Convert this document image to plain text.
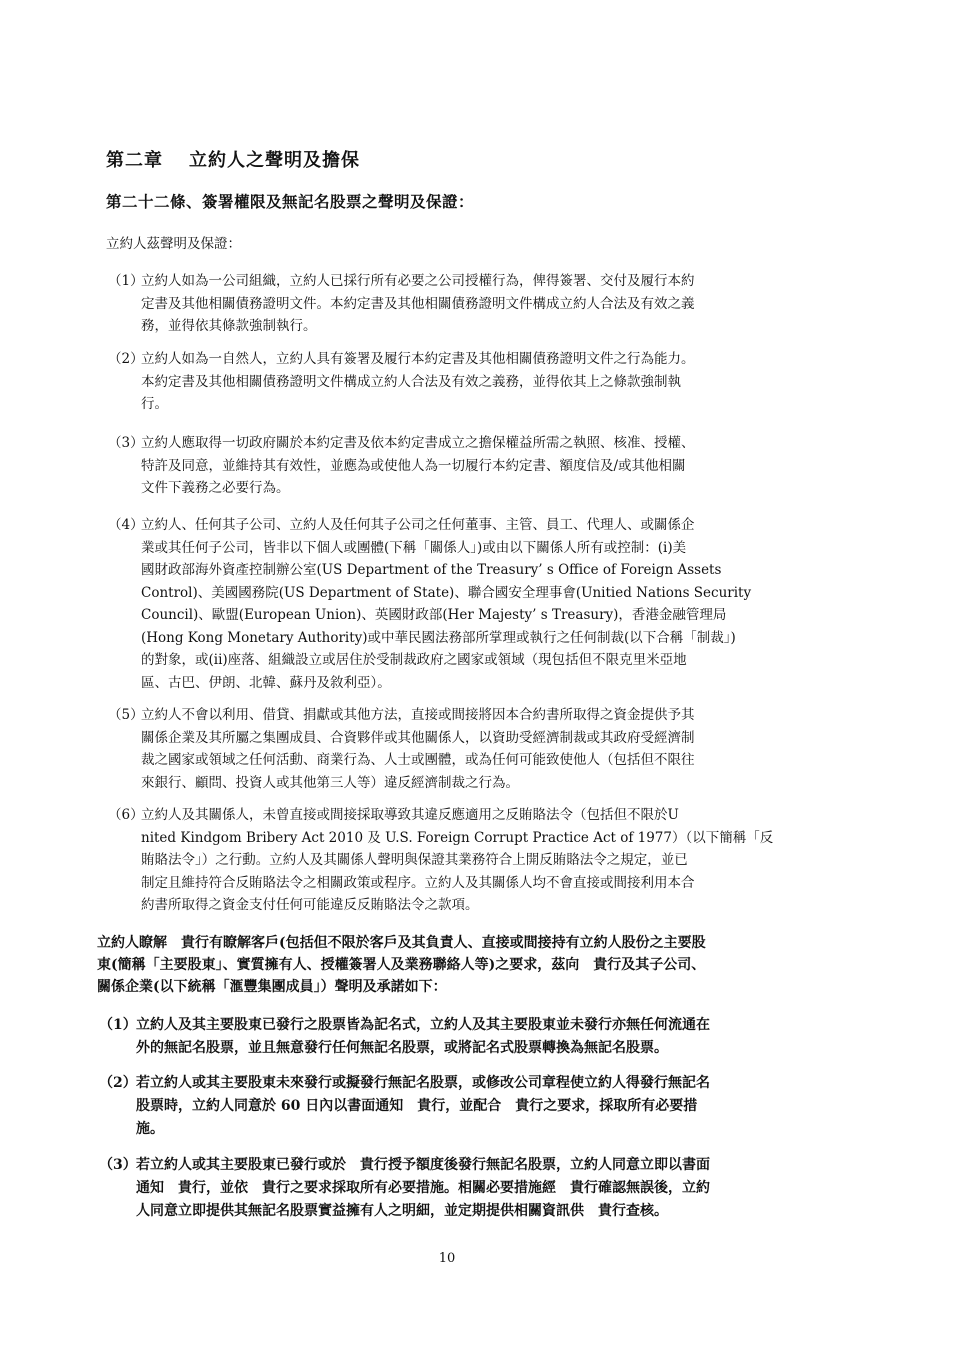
第二章 立約人之聲明及擔保
第二十二條、簽署權限及無記名股票之聲明及保證：
立約人茲聲明及保證：
（1）
立約人如為一公司組織，立約人已採行所有必要之公司授權行為，俾得簽署、交付及履行本約
定書及其他相關債務證明文件。本約定書及其他相關債務證明文件構成立約人合法及有效之義
務，並得依其條款強制執行。
（2）
立約人如為一自然人，立約人具有簽署及履行本約定書及其他相關債務證明文件之行為能力。
本約定書及其他相關債務證明文件構成立約人合法及有效之義務，並得依其上之條款強制執
行。
（3）
立約人應取得一切政府關於本約定書及依本約定書成立之擔保權益所需之執照、核准、授權、
特許及同意，並維持其有效性，並應為或使他人為一切履行本約定書、額度信及/或其他相關
文件下義務之必要行為。
（4）
立約人、任何其子公司、立約人及任何其子公司之任何董事、主管、員工、代理人、或關係企
業或其任何子公司，皆非以下個人或團體(下稱「關係人」)或由以下關係人所有或控制：(i)美
國財政部海外資產控制辦公室(US Department of the Treasury’ s Office of Foreign Assets
Control)、美國國務院(US Department of State)、聯合國安全理事會(Unitied Nations Security
Council)、歐盟(European Union)、英國財政部(Her Majesty’ s Treasury)，香港金融管理局
(Hong Kong Monetary Authority)或中華民國法務部所掌理或執行之任何制裁(以下合稱「制裁」)
的對象，或(ii)座落、組織設立或居住於受制裁政府之國家或領域（現包括但不限克里米亞地
區、古巴、伊朗、北韓、蘇丹及敘利亞）。
（5）
立約人不會以利用、借貸、捐獻或其他方法，直接或間接將因本合約書所取得之資金提供予其
關係企業及其所屬之集團成員、合資夥伴或其他關係人，以資助受經濟制裁或其政府受經濟制
裁之國家或領域之任何活動、商業行為、人士或團體，或為任何可能致使他人（包括但不限往
來銀行、顧問、投資人或其他第三人等）違反經濟制裁之行為。
（6）
立約人及其關係人，未曾直接或間接採取導致其違反應適用之反賄賂法令（包括但不限於U
nited Kindgom Bribery Act 2010 及 U.S. Foreign Corrupt Practice Act of 1977）（以下簡稱「反
賄賂法令」）之行動。立約人及其關係人聲明與保證其業務符合上開反賄賂法令之規定，並已
制定且維持符合反賄賂法令之相關政策或程序。立約人及其關係人均不會直接或間接利用本合
約書所取得之資金支付任何可能違反反賄賂法令之款項。
立約人瞭解　貴行有瞭解客戶(包括但不限於客戶及其負責人、直接或間接持有立約人股份之主要股
東(簡稱「主要股東」、實質擁有人、授權簽署人及業務聯絡人等)之要求，茲向　貴行及其子公司、
關係企業(以下統稱「滙豐集團成員」）聲明及承諾如下：
（1） 立約人及其主要股東已發行之股票皆為記名式，立約人及其主要股東並未發行亦無任何流通在
外的無記名股票，並且無意發行任何無記名股票，或將記名式股票轉換為無記名股票。
（2） 若立約人或其主要股東未來發行或擬發行無記名股票，或修改公司章程使立約人得發行無記名
股票時，立約人同意於 60 日內以書面通知　貴行，並配合　貴行之要求，採取所有必要措
施。
（3） 若立約人或其主要股東已發行或於　貴行授予額度後發行無記名股票，立約人同意立即以書面
通知　貴行，並依　貴行之要求採取所有必要措施。相關必要措施經　貴行確認無誤後，立約
人同意立即提供其無記名股票實益擁有人之明細，並定期提供相關資訊供　貴行查核。
10
